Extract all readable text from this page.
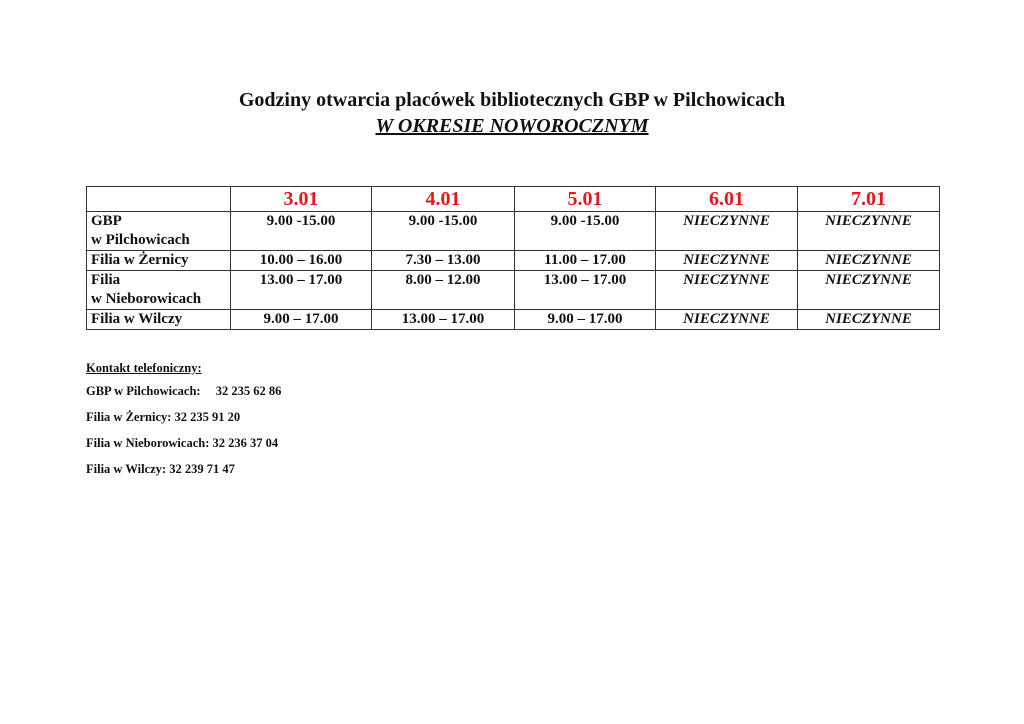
Godziny otwarcia placówek bibliotecznych GBP w Pilchowicach
W OKRESIE NOWOROCZNYM
	3.01	4.01	5.01	6.01	7.01

GBP
w Pilchowicach	9.00 -15.00	9.00 -15.00	9.00 -15.00	NIECZYNNE	NIECZYNNE

Filia w Żernicy	10.00 – 16.00	7.30 – 13.00	11.00 – 17.00	NIECZYNNE	NIECZYNNE

Filia
w Nieborowicach	13.00 – 17.00	8.00 – 12.00	13.00 – 17.00	NIECZYNNE	NIECZYNNE

Filia w Wilczy	9.00 – 17.00	13.00 – 17.00	9.00 – 17.00	NIECZYNNE	NIECZYNNE
Kontakt telefoniczny:
GBP w Pilchowicach: 32 235 62 86
Filia w Żernicy: 32 235 91 20
Filia w Nieborowicach: 32 236 37 04
Filia w Wilczy: 32 239 71 47
